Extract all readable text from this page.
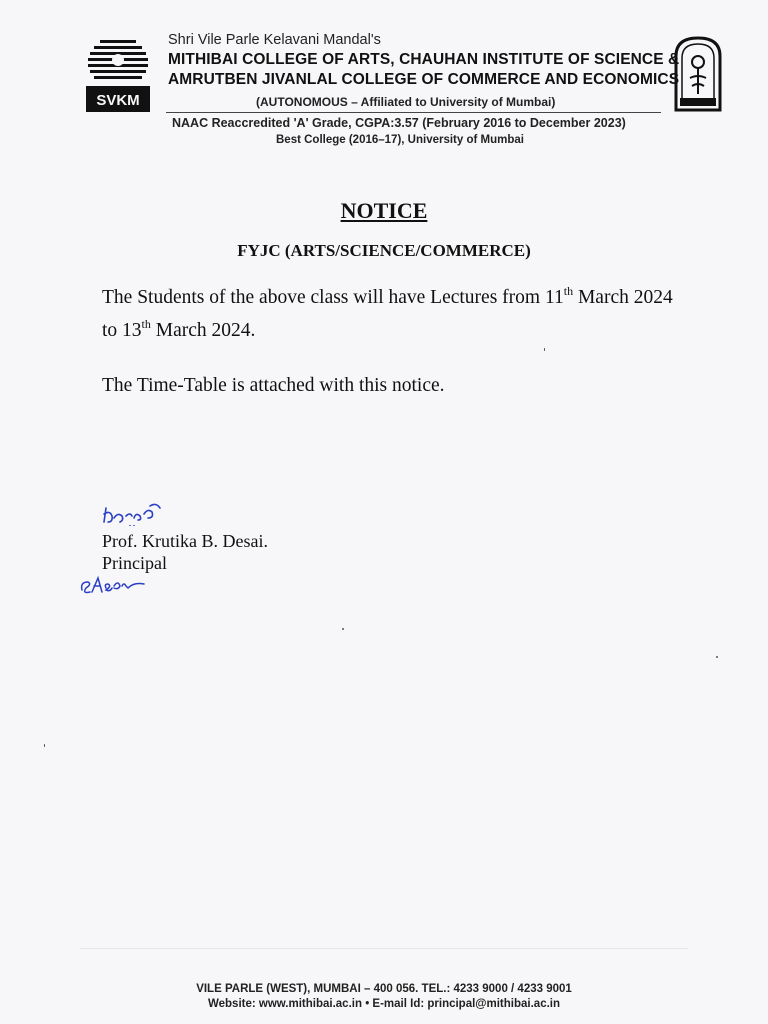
SVKM
Shri Vile Parle Kelavani Mandal's
MITHIBAI COLLEGE OF ARTS, CHAUHAN INSTITUTE OF SCIENCE &
AMRUTBEN JIVANLAL COLLEGE OF COMMERCE AND ECONOMICS
(AUTONOMOUS – Affiliated to University of Mumbai)
NAAC Reaccredited 'A' Grade, CGPA:3.57 (February 2016 to December 2023)
Best College (2016–17), University of Mumbai
NOTICE
FYJC (ARTS/SCIENCE/COMMERCE)
The Students of the above class will have Lectures from 11th March 2024
to 13th March 2024.
The Time-Table is attached with this notice.
Prof. Krutika B. Desai.
Principal
VILE PARLE (WEST), MUMBAI – 400 056. TEL.: 4233 9000 / 4233 9001
Website: www.mithibai.ac.in • E-mail Id: principal@mithibai.ac.in
